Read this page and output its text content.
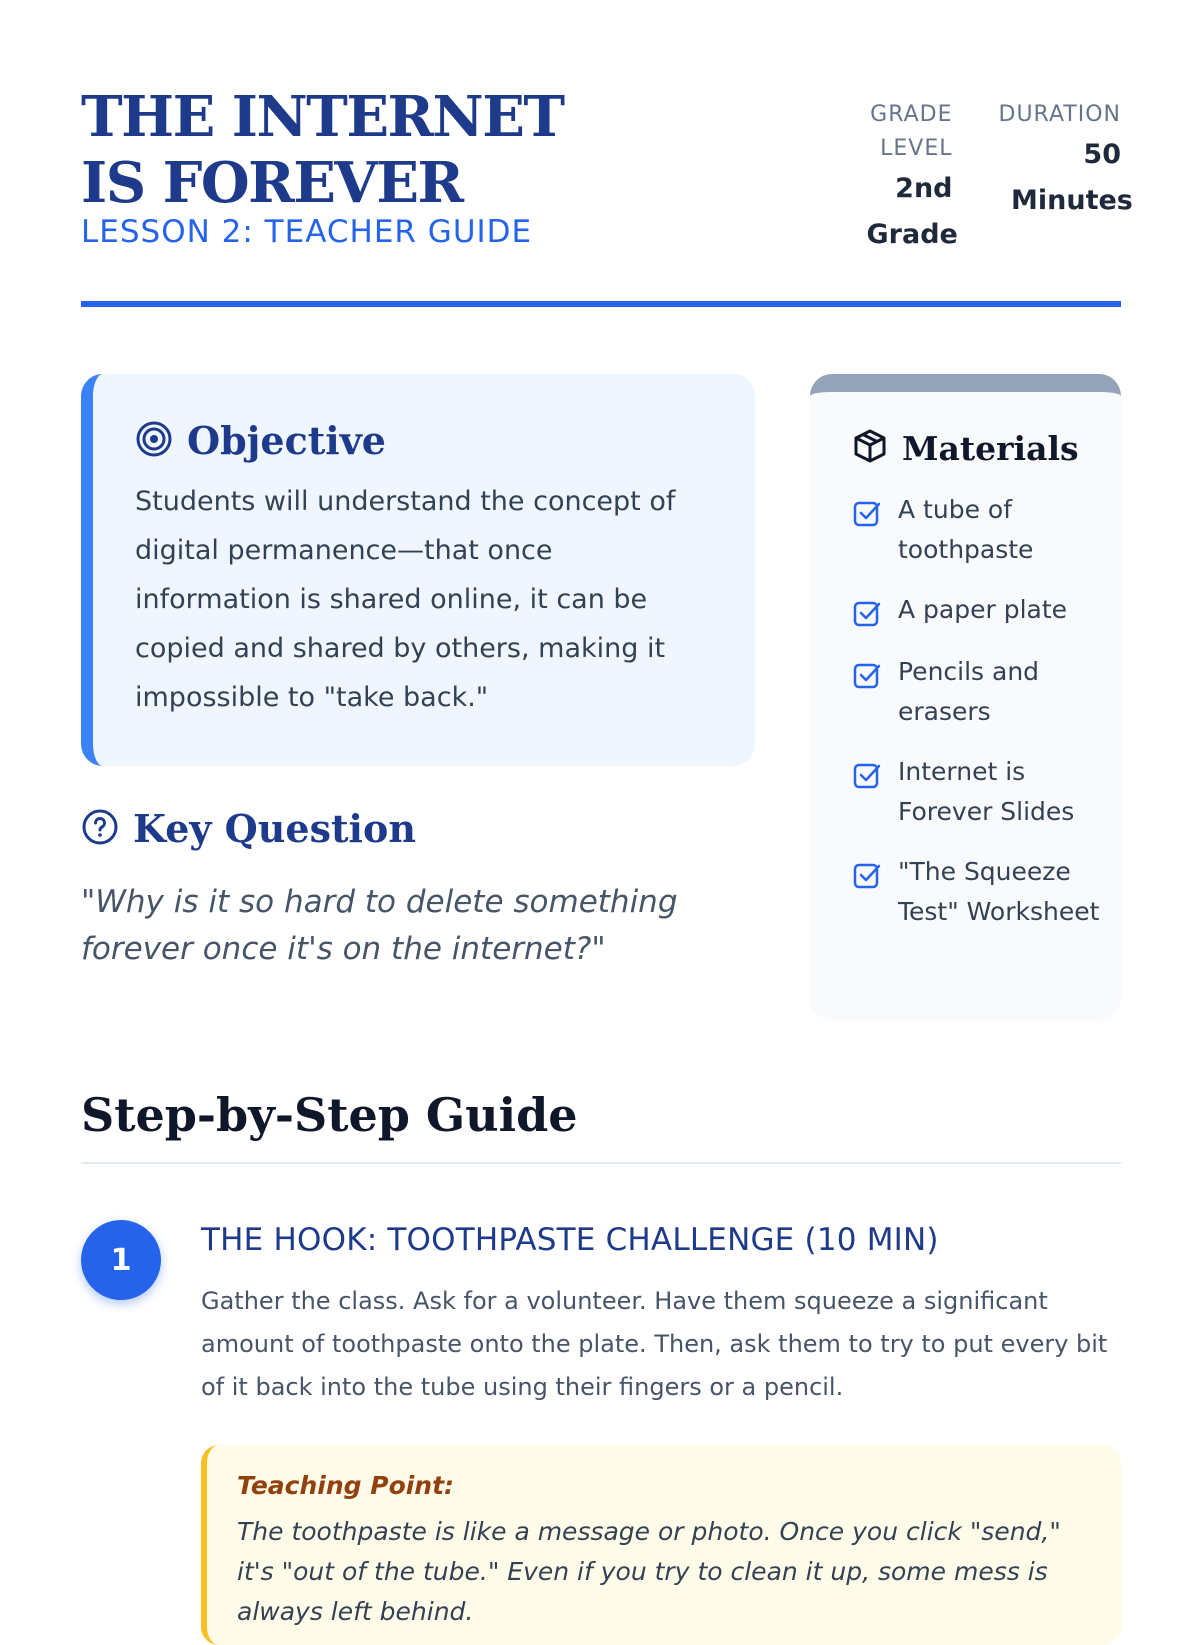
THE INTERNET IS FOREVER
LESSON 2: TEACHER GUIDE
GRADE LEVEL
2nd Grade
DURATION
50 Minutes
Objective

Students will understand the concept of digital permanence—that once information is shared online, it can be copied and shared by others, making it impossible to "take back."

Key Question

"Why is it so hard to delete something forever once it's on the internet?"

Materials
A tube of toothpaste
A paper plate
Pencils and erasers
Internet is Forever Slides
"The Squeeze Test" Worksheet
Step-by-Step Guide
1
THE HOOK: TOOTHPASTE CHALLENGE (10 MIN)

Gather the class. Ask for a volunteer. Have them squeeze a significant amount of toothpaste onto the plate. Then, ask them to try to put every bit of it back into the tube using their fingers or a pencil.

Teaching Point:

The toothpaste is like a message or photo. Once you click "send," it's "out of the tube." Even if you try to clean it up, some mess is always left behind.
